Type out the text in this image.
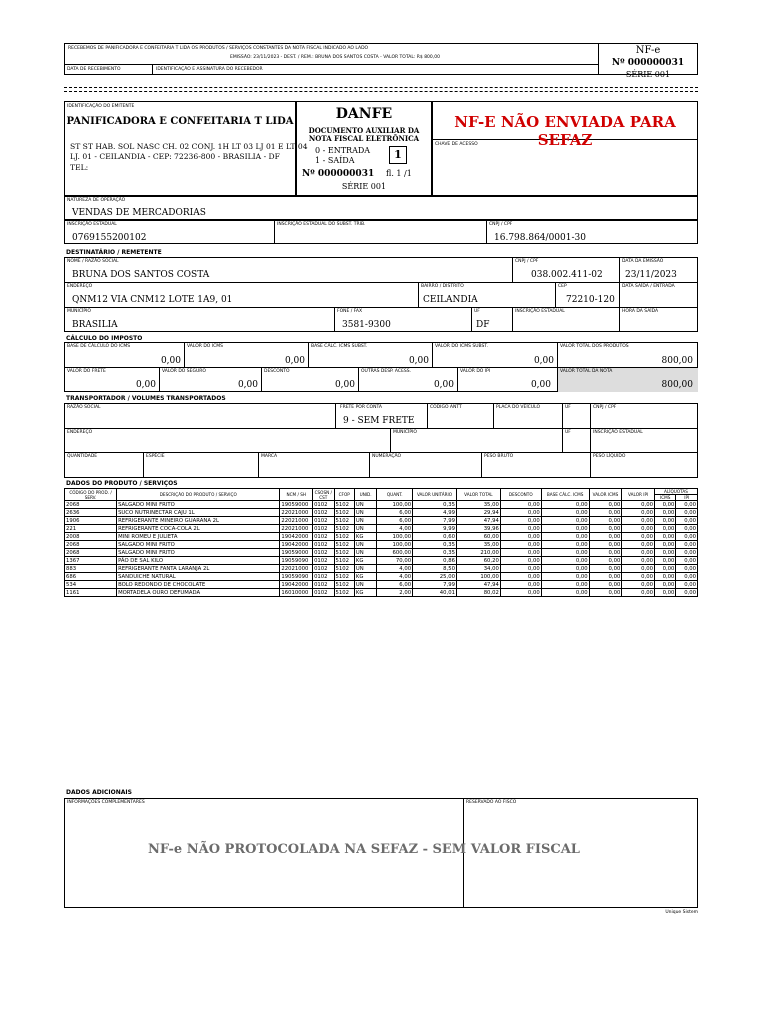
RECEBEMOS DE PANIFICADORA E CONFEITARIA T LIDA OS PRODUTOS / SERVIÇOS CONSTANTES DA NOTA FISCAL INDICADO AO LADO
EMISSÃO: 23/11/2023 - DEST. / REM.: BRUNA DOS SANTOS COSTA - VALOR TOTAL: R$ 800,00
DATA DE RECEBIMENTO	IDENTIFICAÇÃO E ASSINATURA DO RECEBEDOR
NF-e
Nº 000000031
SÉRIE 001
IDENTIFICAÇÃO DO EMITENTE
PANIFICADORA E CONFEITARIA T LIDA
ST ST HAB. SOL NASC CH. 02 CONJ. 1H LT 03 LJ 01 E LT 04
LJ. 01 - CEILANDIA - CEP: 72236-800 - BRASILIA - DF
TEL:
DANFE
DOCUMENTO AUXILIAR DA
NOTA FISCAL ELETRÔNICA
0 - ENTRADA
1 - SAÍDA	1
Nº 000000031 fl. 1 /1
SÉRIE 001
NF-E NÃO ENVIADA PARA SEFAZ
CHAVE DE ACESSO
NATUREZA DE OPERAÇÃO
VENDAS DE MERCADORIAS
INSCRIÇÃO ESTADUAL
0769155200102
INSCRIÇÃO ESTADUAL DO SUBST. TRIB.	CNPJ / CPF
16.798.864/0001-30
DESTINATÁRIO / REMETENTE
NOME / RAZÃO SOCIAL
BRUNA DOS SANTOS COSTA
CNPJ / CPF
038.002.411-02
DATA DA EMISSÃO
23/11/2023
ENDEREÇO
QNM12 VIA CNM12 LOTE 1A9, 01
BAIRRO / DISTRITO
CEILANDIA
CEP
72210-120
DATA SAÍDA / ENTRADA
MUNICÍPIO
BRASILIA
FONE / FAX
3581-9300
UF
DF
INSCRIÇÃO ESTADUAL	HORA DA SAÍDA
CÁLCULO DO IMPOSTO
BASE DE CÁLCULO DO ICMS
0,00
VALOR DO ICMS
0,00
BASE CÁLC. ICMS SUBST.
0,00
VALOR DO ICMS SUBST.
0,00
VALOR TOTAL DOS PRODUTOS
800,00
VALOR DO FRETE
0,00
VALOR DO SEGURO
0,00
DESCONTO
0,00
OUTRAS DESP. ACESS.
0,00
VALOR DO IPI
0,00
VALOR TOTAL DA NOTA
800,00
TRANSPORTADOR / VOLUMES TRANSPORTADOS
RAZÃO SOCIAL	FRETE POR CONTA
9 - SEM FRETE
CÓDIGO ANTT	PLACA DO VEÍCULO	UF	CNPJ / CPF
ENDEREÇO	MUNICÍPIO	UF	INSCRIÇÃO ESTADUAL
QUANTIDADE	ESPÉCIE	MARCA	NUMERAÇÃO	PESO BRUTO	PESO LÍQUIDO
DADOS DO PRODUTO / SERVIÇOS
CÓDIGO DO PROD. / SERV.	DESCRIÇÃO DO PRODUTO / SERVIÇO	NCM / SH	CSOSN / CST	CFOP	UNID.	QUANT.	VALOR UNITÁRIO	VALOR TOTAL	DESCONTO	BASE CÁLC. ICMS	VALOR ICMS	VALOR IPI	ALÍQUOTAS	
													ICMS	IPI
2068	SALGADO MINI FRITO	19059000	0102	5102	UN	100,00	0,35	35,00	0,00	0,00	0,00	0,00	0,00	0,00
2636	SUCO NUTRINECTAR CAJU 1L	22021000	0102	5102	UN	6,00	4,99	29,94	0,00	0,00	0,00	0,00	0,00	0,00
1906	REFRIGERANTE MINEIRO GUARANA 2L	22021000	0102	5102	UN	6,00	7,99	47,94	0,00	0,00	0,00	0,00	0,00	0,00
221	REFRIGERANTE COCA-COLA 2L	22021000	0102	5102	UN	4,00	9,99	39,96	0,00	0,00	0,00	0,00	0,00	0,00
2008	MINI ROMEU E JULIETA	19042000	0102	5102	KG	100,00	0,60	60,00	0,00	0,00	0,00	0,00	0,00	0,00
2068	SALGADO MINI FRITO	19042000	0102	5102	UN	100,00	0,35	35,00	0,00	0,00	0,00	0,00	0,00	0,00
2068	SALGADO MINI FRITO	19059000	0102	5102	UN	600,00	0,35	210,00	0,00	0,00	0,00	0,00	0,00	0,00
1367	PÃO DE SAL KILO	19059090	0102	5102	KG	70,00	0,86	60,20	0,00	0,00	0,00	0,00	0,00	0,00
883	REFRIGERANTE FANTA LARANJA 2L	22021000	0102	5102	UN	4,00	8,50	34,00	0,00	0,00	0,00	0,00	0,00	0,00
686	SANDUICHE NATURAL	19059090	0102	5102	KG	4,00	25,00	100,00	0,00	0,00	0,00	0,00	0,00	0,00
534	BOLO REDONDO DE CHOCOLATE	19042000	0102	5102	UN	6,00	7,99	47,94	0,00	0,00	0,00	0,00	0,00	0,00
1161	MORTADELA OURO DEFUMADA	16010000	0102	5102	KG	2,00	40,01	80,02	0,00	0,00	0,00	0,00	0,00	0,00
DADOS ADICIONAIS
INFORMAÇÕES COMPLEMENTARES	RESERVADO AO FISCO
NF-e NÃO PROTOCOLADA NA SEFAZ - SEM VALOR FISCAL
Unique Sistem
